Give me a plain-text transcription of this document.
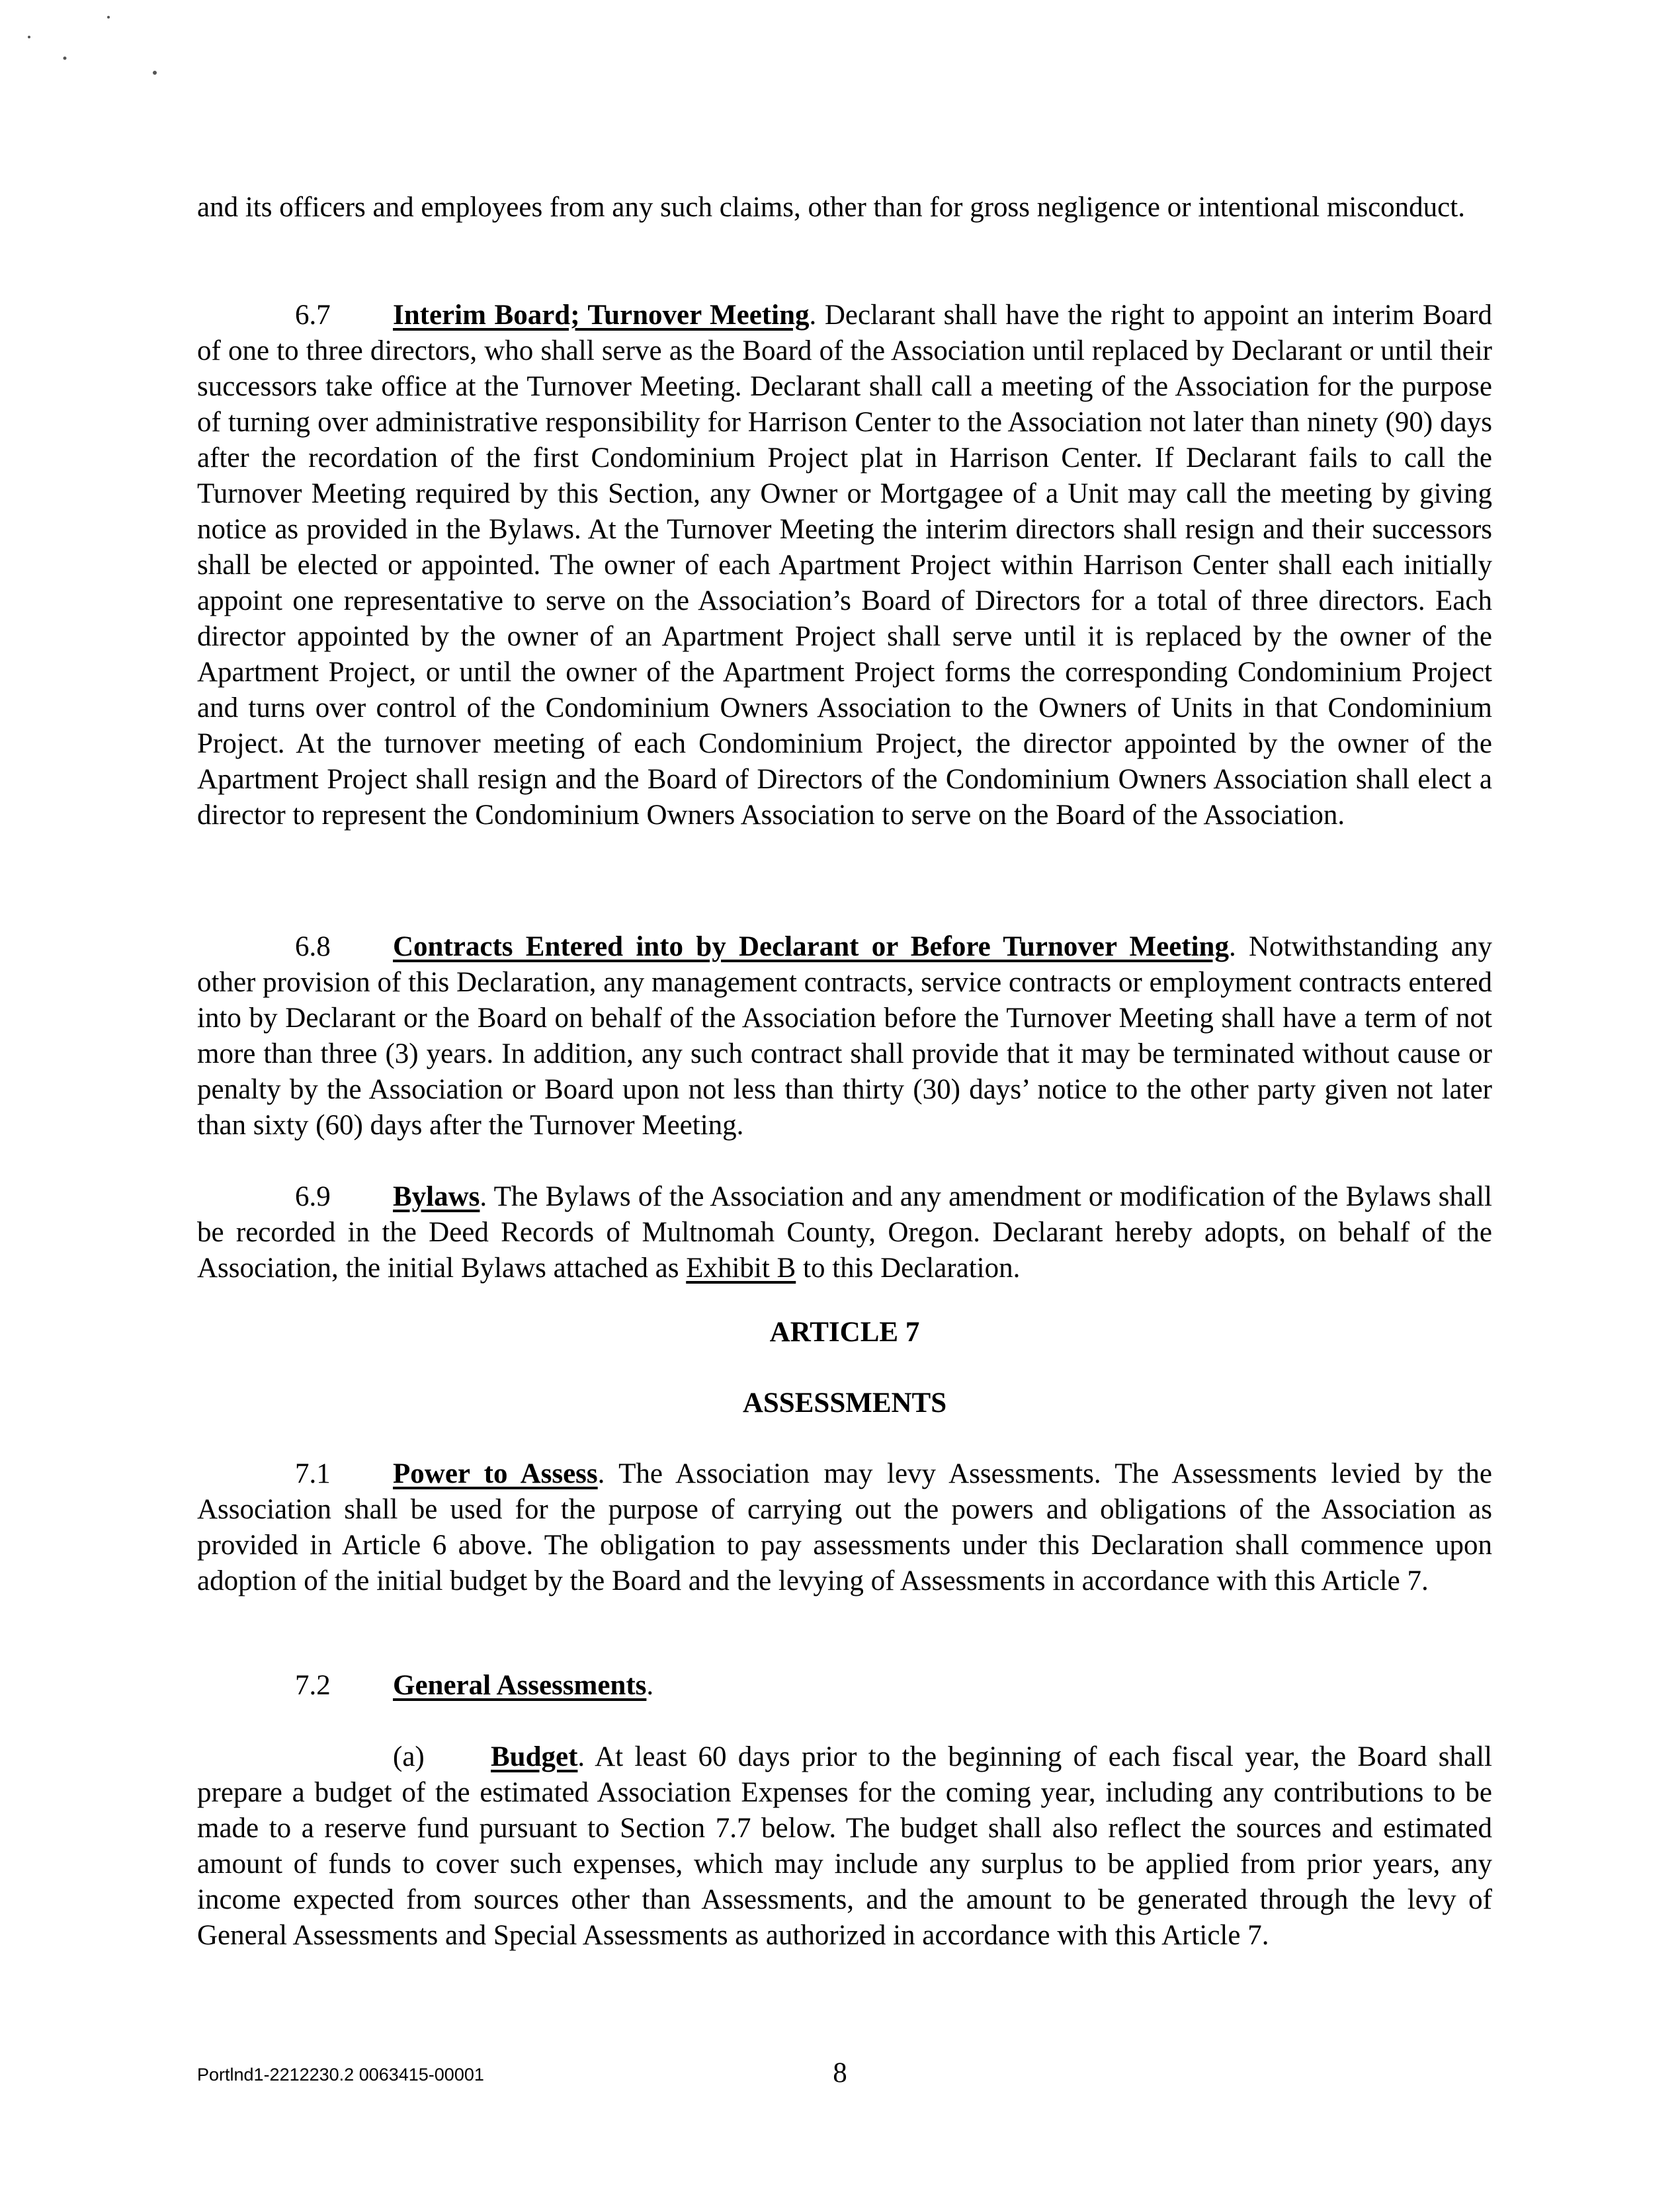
and its officers and employees from any such claims, other than for gross negligence or intentional misconduct.

6.7 Interim Board; Turnover Meeting. Declarant shall have the right to appoint an interim Board of one to three directors, who shall serve as the Board of the Association until replaced by Declarant or until their successors take office at the Turnover Meeting. Declarant shall call a meeting of the Association for the purpose of turning over administrative responsibility for Harrison Center to the Association not later than ninety (90) days after the recordation of the first Condominium Project plat in Harrison Center. If Declarant fails to call the Turnover Meeting required by this Section, any Owner or Mortgagee of a Unit may call the meeting by giving notice as provided in the Bylaws. At the Turnover Meeting the interim directors shall resign and their successors shall be elected or appointed. The owner of each Apartment Project within Harrison Center shall each initially appoint one representative to serve on the Association’s Board of Directors for a total of three directors. Each director appointed by the owner of an Apartment Project shall serve until it is replaced by the owner of the Apartment Project, or until the owner of the Apartment Project forms the corresponding Condominium Project and turns over control of the Condominium Owners Association to the Owners of Units in that Condominium Project. At the turnover meeting of each Condominium Project, the director appointed by the owner of the Apartment Project shall resign and the Board of Directors of the Condominium Owners Association shall elect a director to represent the Condominium Owners Association to serve on the Board of the Association.

6.8 Contracts Entered into by Declarant or Before Turnover Meeting. Notwithstanding any other provision of this Declaration, any management contracts, service contracts or employment contracts entered into by Declarant or the Board on behalf of the Association before the Turnover Meeting shall have a term of not more than three (3) years. In addition, any such contract shall provide that it may be terminated without cause or penalty by the Association or Board upon not less than thirty (30) days’ notice to the other party given not later than sixty (60) days after the Turnover Meeting.

6.9 Bylaws. The Bylaws of the Association and any amendment or modification of the Bylaws shall be recorded in the Deed Records of Multnomah County, Oregon. Declarant hereby adopts, on behalf of the Association, the initial Bylaws attached as Exhibit B to this Declaration.

ARTICLE 7
ASSESSMENTS

7.1 Power to Assess. The Association may levy Assessments. The Assessments levied by the Association shall be used for the purpose of carrying out the powers and obligations of the Association as provided in Article 6 above. The obligation to pay assessments under this Declaration shall commence upon adoption of the initial budget by the Board and the levying of Assessments in accordance with this Article 7.

7.2 General Assessments.

(a) Budget. At least 60 days prior to the beginning of each fiscal year, the Board shall prepare a budget of the estimated Association Expenses for the coming year, including any contributions to be made to a reserve fund pursuant to Section 7.7 below. The budget shall also reflect the sources and estimated amount of funds to cover such expenses, which may include any surplus to be applied from prior years, any income expected from sources other than Assessments, and the amount to be generated through the levy of General Assessments and Special Assessments as authorized in accordance with this Article 7.

Portlnd1-2212230.2 0063415-00001	8
